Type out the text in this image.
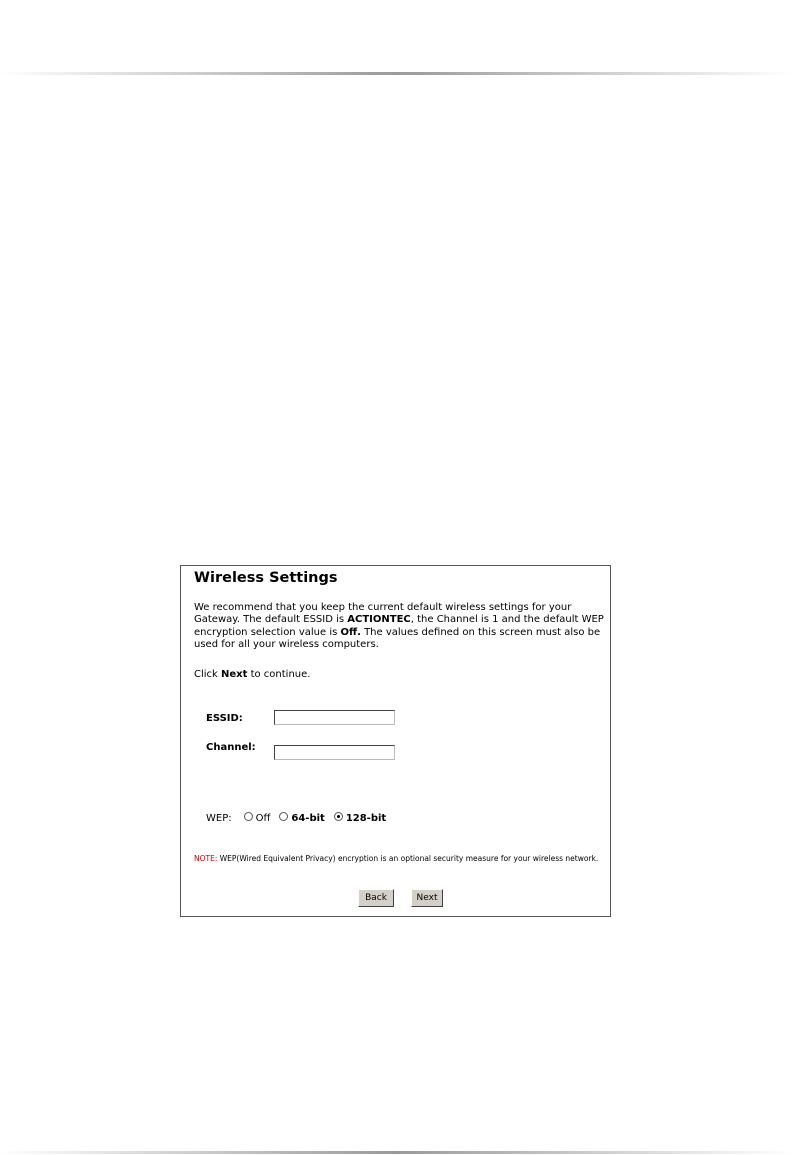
Wireless Settings
We recommend that you keep the current default wireless settings for your Gateway. The default ESSID is ACTIONTEC, the Channel is 1 and the default WEP encryption selection value is Off. The values defined on this screen must also be used for all your wireless computers.
Click Next to continue.
ESSID:
Channel:
WEP: Off 64-bit 128-bit
NOTE: WEP(Wired Equivalent Privacy) encryption is an optional security measure for your wireless network.
Back	Next
